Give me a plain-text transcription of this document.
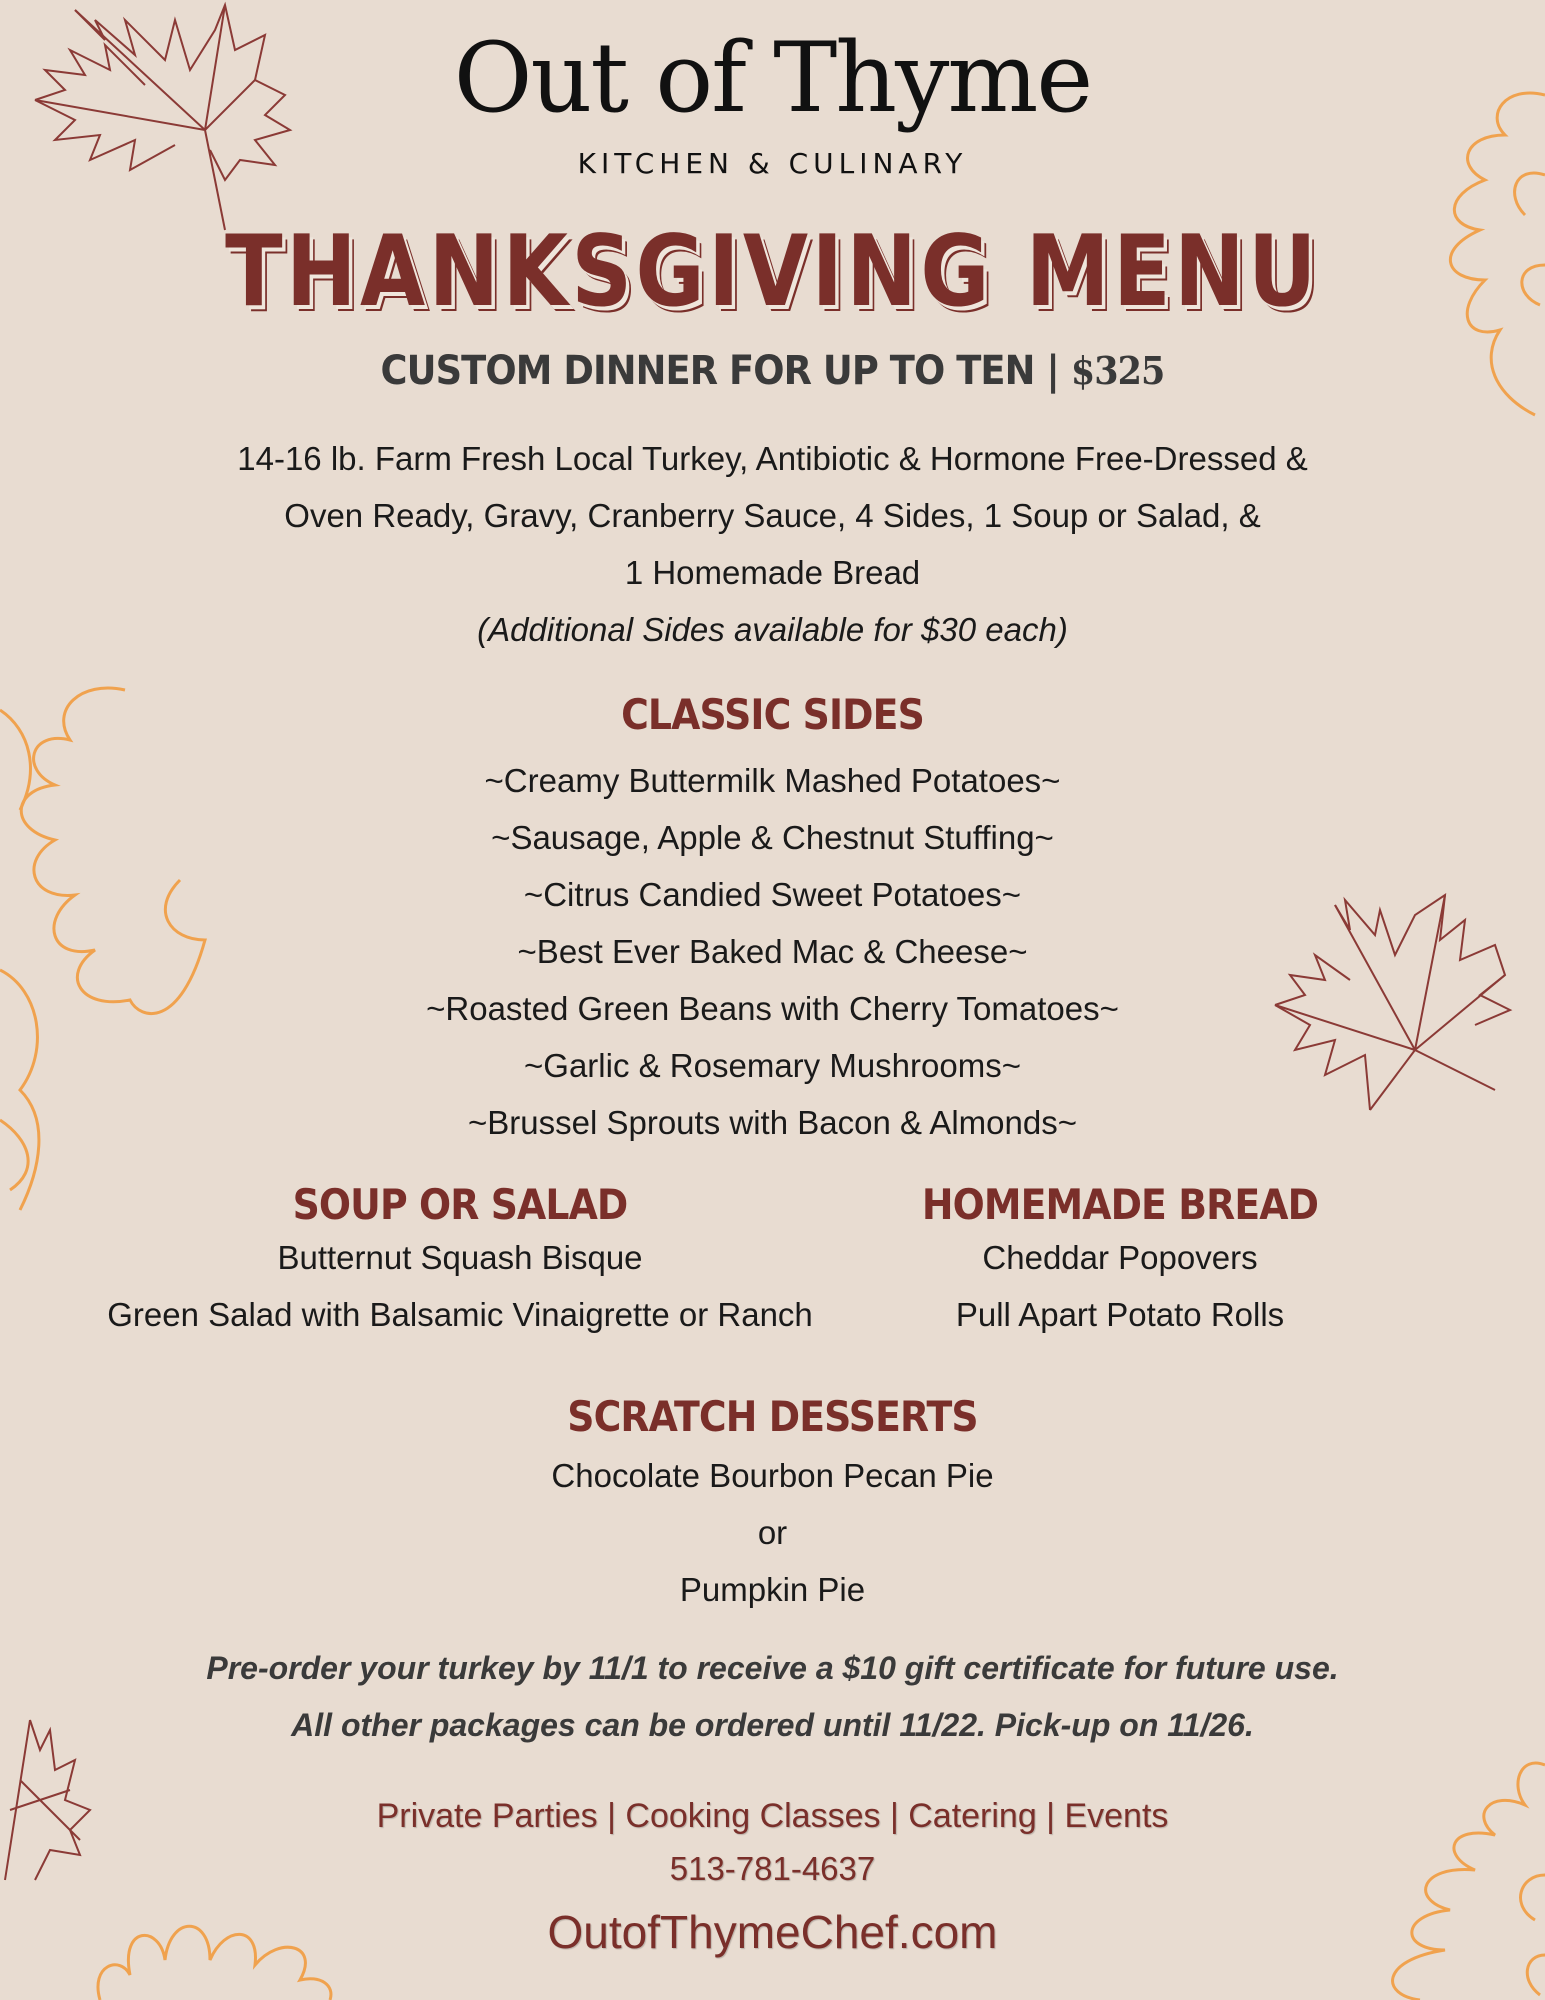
Out of Thyme
KITCHEN & CULINARY
THANKSGIVING MENU
CUSTOM DINNER FOR UP TO TEN | $325
14-16 lb. Farm Fresh Local Turkey, Antibiotic & Hormone Free-Dressed &
Oven Ready, Gravy, Cranberry Sauce, 4 Sides, 1 Soup or Salad, &
1 Homemade Bread
(Additional Sides available for $30 each)
CLASSIC SIDES
~Creamy Buttermilk Mashed Potatoes~
~Sausage, Apple & Chestnut Stuffing~
~Citrus Candied Sweet Potatoes~
~Best Ever Baked Mac & Cheese~
~Roasted Green Beans with Cherry Tomatoes~
~Garlic & Rosemary Mushrooms~
~Brussel Sprouts with Bacon & Almonds~
SOUP OR SALAD
Butternut Squash Bisque
Green Salad with Balsamic Vinaigrette or Ranch
HOMEMADE BREAD
Cheddar Popovers
Pull Apart Potato Rolls
SCRATCH DESSERTS
Chocolate Bourbon Pecan Pie
or
Pumpkin Pie
Pre-order your turkey by 11/1 to receive a $10 gift certificate for future use.
All other packages can be ordered until 11/22. Pick-up on 11/26.
Private Parties | Cooking Classes | Catering | Events
513-781-4637
OutofThymeChef.com
